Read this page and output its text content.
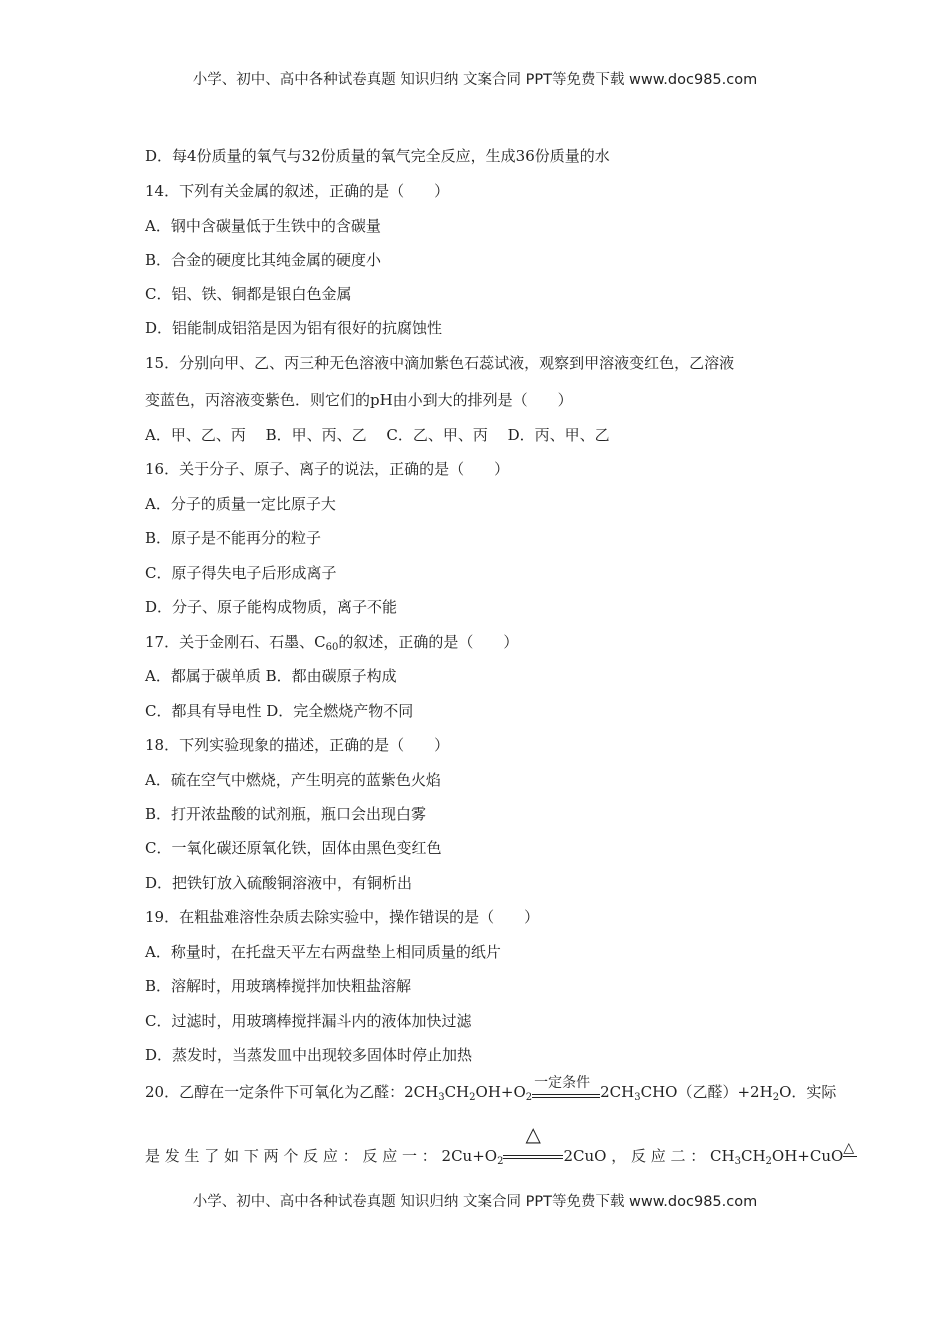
小学、初中、高中各种试卷真题 知识归纳 文案合同 PPT等免费下载 www.doc985.com
D．每4份质量的氧气与32份质量的氧气完全反应，生成36份质量的水
14．下列有关金属的叙述，正确的是（　　）
A．钢中含碳量低于生铁中的含碳量
B．合金的硬度比其纯金属的硬度小
C．铝、铁、铜都是银白色金属
D．铝能制成铝箔是因为铝有很好的抗腐蚀性
15．分别向甲、乙、丙三种无色溶液中滴加紫色石蕊试液，观察到甲溶液变红色，乙溶液
变蓝色，丙溶液变紫色．则它们的pH由小到大的排列是（　　）
A．甲、乙、丙　 B．甲、丙、乙　 C．乙、甲、丙　 D．丙、甲、乙
16．关于分子、原子、离子的说法，正确的是（　　）
A．分子的质量一定比原子大
B．原子是不能再分的粒子
C．原子得失电子后形成离子
D．分子、原子能构成物质，离子不能
17．关于金刚石、石墨、$C_{60}$的叙述，正确的是（　　）
A．都属于碳单质 B．都由碳原子构成
C．都具有导电性 D．完全燃烧产物不同
18．下列实验现象的描述，正确的是（　　）
A．硫在空气中燃烧，产生明亮的蓝紫色火焰
B．打开浓盐酸的试剂瓶，瓶口会出现白雾
C．一氧化碳还原氧化铁，固体由黑色变红色
D．把铁钉放入硫酸铜溶液中，有铜析出
19．在粗盐难溶性杂质去除实验中，操作错误的是（　　）
A．称量时，在托盘天平左右两盘垫上相同质量的纸片
B．溶解时，用玻璃棒搅拌加快粗盐溶解
C．过滤时，用玻璃棒搅拌漏斗内的液体加快过滤
D．蒸发时，当蒸发皿中出现较多固体时停止加热
20．乙醇在一定条件下可氧化为乙醛：$2CH_3CH_2OH+O_2$
一定条件 $2CH_3CHO$（乙醛）$+2H_2O$．实际
是 发 生 了 如 下 两 个 反 应 ： 反 应 一 ： $2Cu+O_2$
△
2CuO ， 反 应 二 ： $CH_3CH_2OH+CuO$ △
小学、初中、高中各种试卷真题 知识归纳 文案合同 PPT等免费下载 www.doc985.com
